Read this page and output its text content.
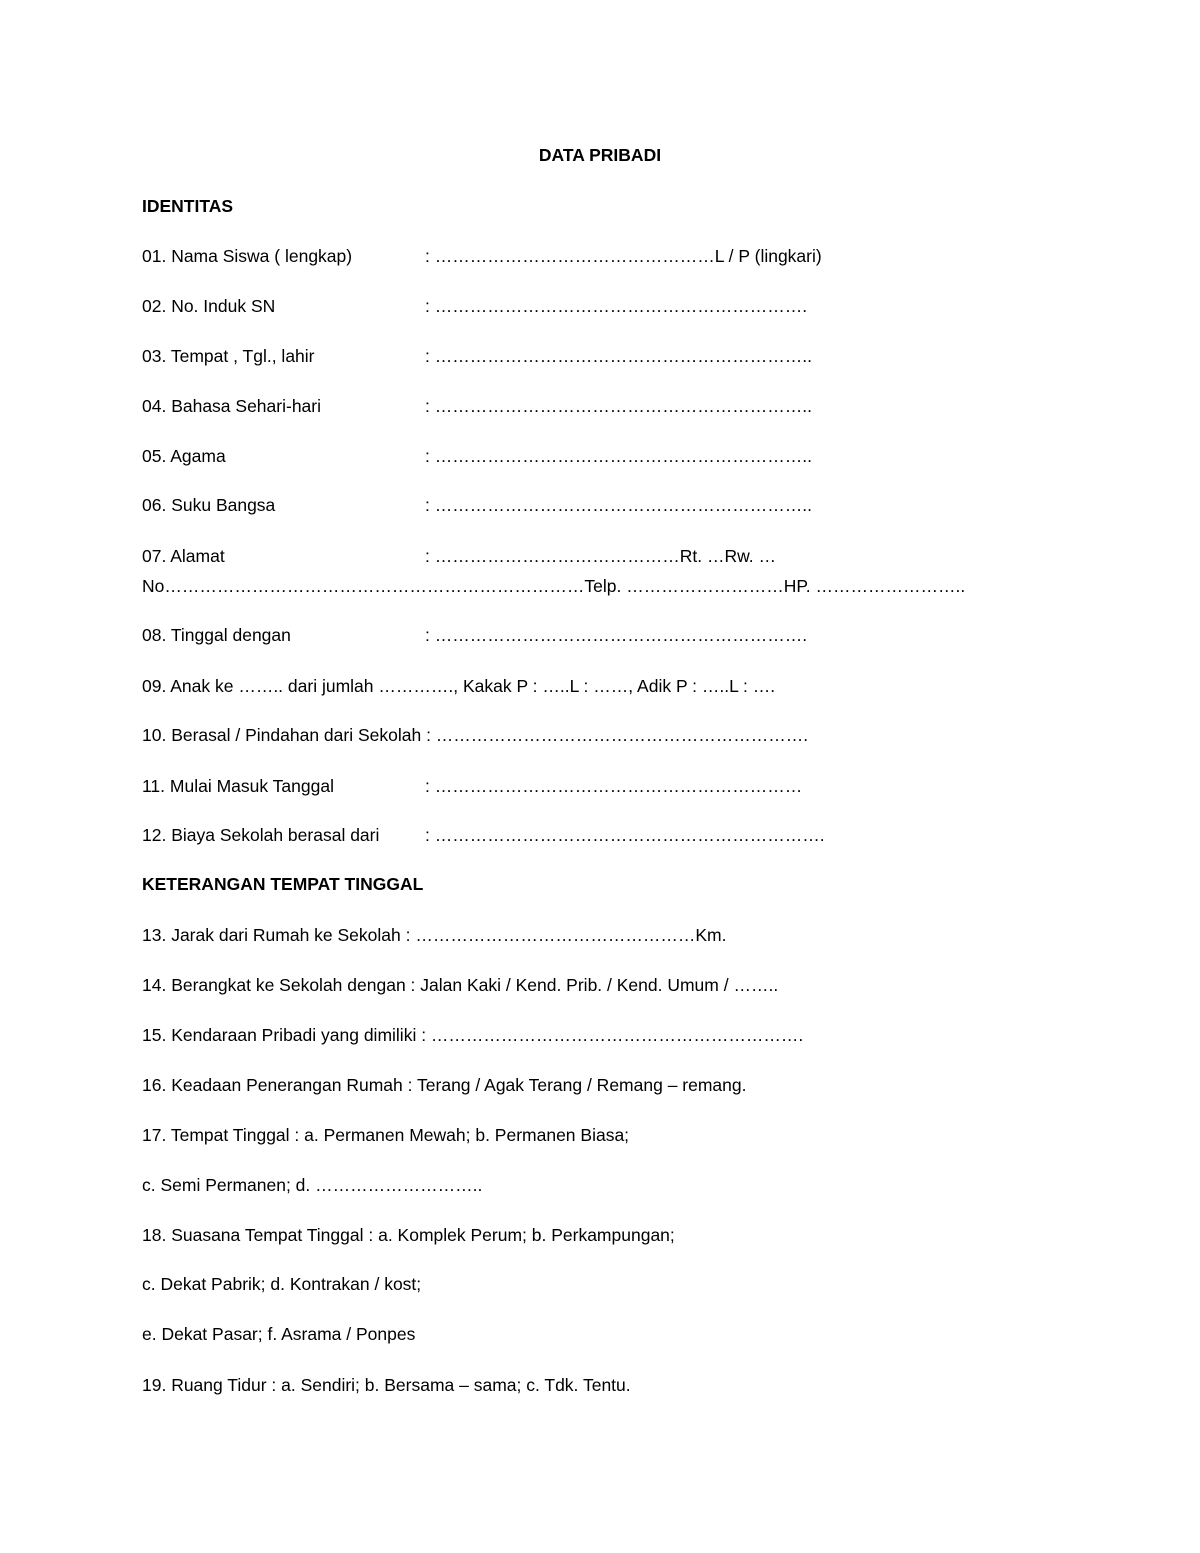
DATA PRIBADI
IDENTITAS
01. Nama Siswa ( lengkap)	: …………………………………………L / P (lingkari)
02. No. Induk SN	: ……………………………………………………….
03. Tempat , Tgl., lahir	: ………………………………………………………..
04. Bahasa Sehari-hari	: ………………………………………………………..
05. Agama	: ………………………………………………………..
06. Suku Bangsa	: ………………………………………………………..
07. Alamat	: ……………………………………Rt. …Rw. …
No………………………………………………………………Telp. ………………………HP. ……………………..
08. Tinggal dengan	: ……………………………………………………….
09. Anak ke …….. dari jumlah …………., Kakak P : …..L : ……, Adik P : …..L : ….
10. Berasal / Pindahan dari Sekolah : ……………………………………………………….
11. Mulai Masuk Tanggal	: ………………………………………………………
12. Biaya Sekolah berasal dari	: ………………………………………………………….
KETERANGAN TEMPAT TINGGAL
13. Jarak dari Rumah ke Sekolah : …………………………………………Km.
14. Berangkat ke Sekolah dengan : Jalan Kaki / Kend. Prib. / Kend. Umum / ……..
15. Kendaraan Pribadi yang dimiliki : ……………………………………………………….
16. Keadaan Penerangan Rumah : Terang / Agak Terang / Remang – remang.
17. Tempat Tinggal : a. Permanen Mewah; b. Permanen Biasa;
c. Semi Permanen; d. ………………………..
18. Suasana Tempat Tinggal : a. Komplek Perum; b. Perkampungan;
c. Dekat Pabrik; d. Kontrakan / kost;
e. Dekat Pasar; f. Asrama / Ponpes
19. Ruang Tidur : a. Sendiri; b. Bersama – sama; c. Tdk. Tentu.
